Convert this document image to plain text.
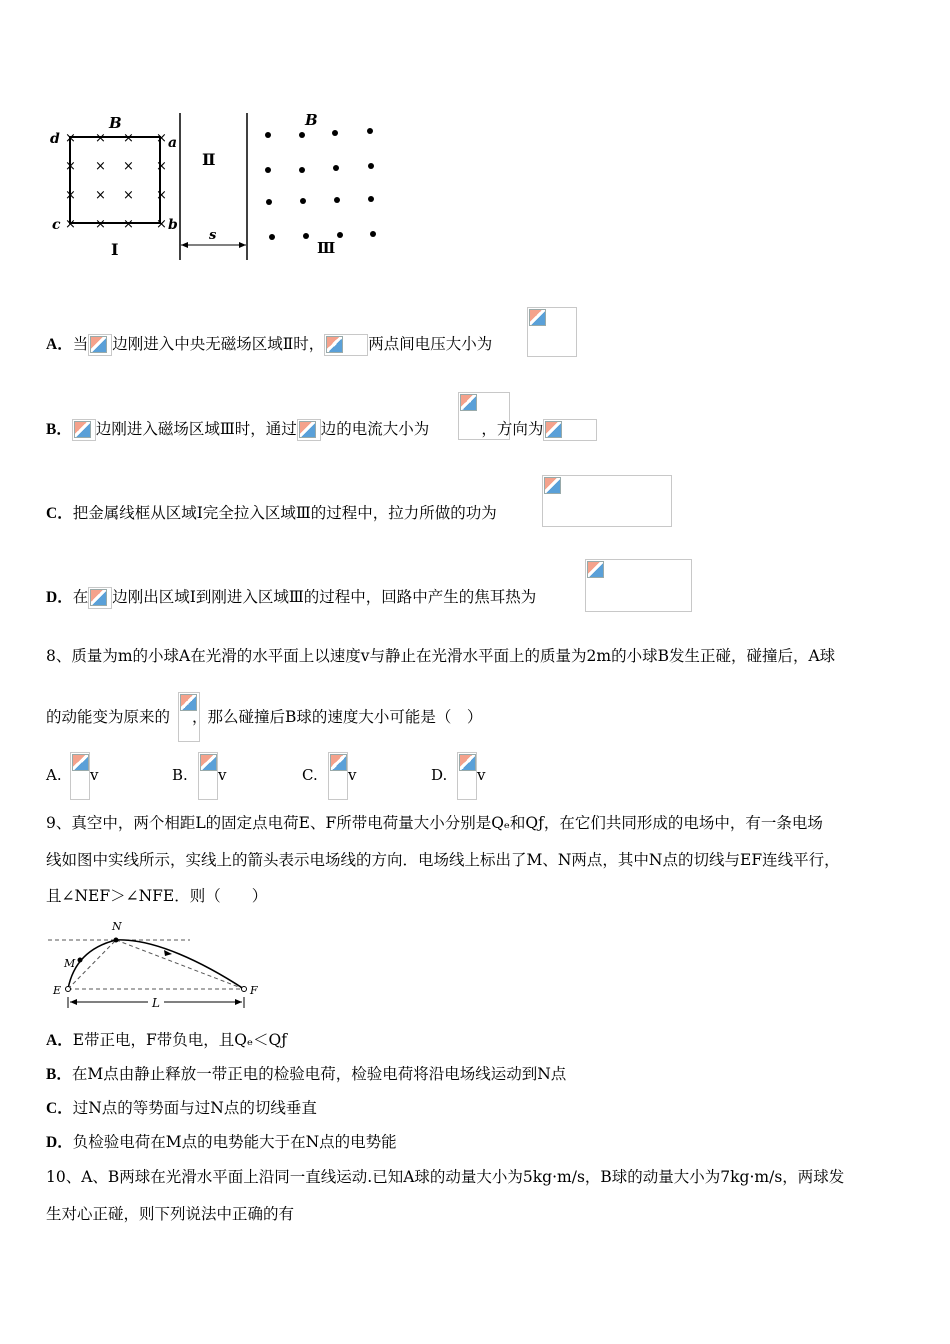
× × × ×
× × × ×
× × × ×
× × × ×
d
c
a
b
B
Ⅰ
Ⅱ
s
B
Ⅲ
A．当 边刚进入中央无磁场区域Ⅱ时，	两点间电压大小为
B． 边刚进入磁场区域Ⅲ时，通过 边的电流大小为	，方向为
C．把金属线框从区域Ⅰ完全拉入区域Ⅲ的过程中，拉力所做的功为
D．在 边刚出区域Ⅰ到刚进入区域Ⅲ的过程中，回路中产生的焦耳热为
8、质量为m的小球A在光滑的水平面上以速度v与静止在光滑水平面上的质量为2m的小球B发生正碰，碰撞后，A球
的动能变为原来的 ，那么碰撞后B球的速度大小可能是（　）
A. v	B. v	C. v	D. v
9、真空中，两个相距L的固定点电荷E、F所带电荷量大小分别是Qₑ和Qƒ，在它们共同形成的电场中，有一条电场
线如图中实线所示，实线上的箭头表示电场线的方向．电场线上标出了M、N两点，其中N点的切线与EF连线平行，
且∠NEF＞∠NFE．则（　　）
N
M
E	F
L
A．E带正电，F带负电，且Qₑ＜Qƒ
B．在M点由静止释放一带正电的检验电荷，检验电荷将沿电场线运动到N点
C．过N点的等势面与过N点的切线垂直
D．负检验电荷在M点的电势能大于在N点的电势能
10、A、B两球在光滑水平面上沿同一直线运动.已知A球的动量大小为5kg·m/s，B球的动量大小为7kg·m/s，两球发
生对心正碰，则下列说法中正确的有
